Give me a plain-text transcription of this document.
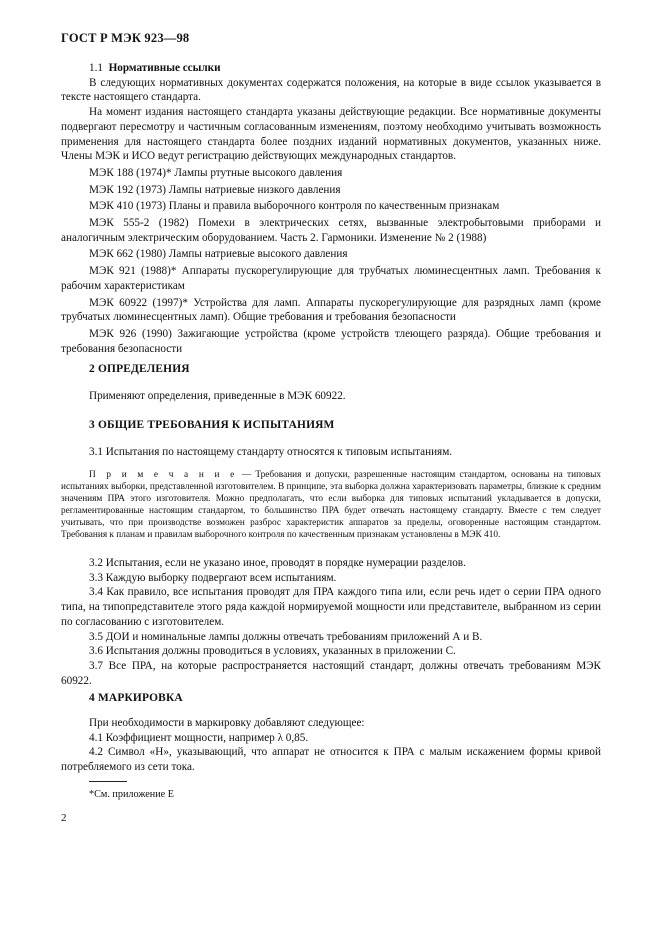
ГОСТ Р МЭК 923—98

1.1 Нормативные ссылки

В следующих нормативных документах содержатся положения, на которые в виде ссылок указывается в тексте настоящего стандарта.

На момент издания настоящего стандарта указаны действующие редакции. Все нормативные документы подвергают пересмотру и частичным согласованным изменениям, поэтому необходимо учитывать возможность применения для настоящего стандарта более поздних изданий нормативных документов, указанных ниже. Члены МЭК и ИСО ведут регистрацию действующих международных стандартов.

МЭК 188 (1974)* Лампы ртутные высокого давления

МЭК 192 (1973) Лампы натриевые низкого давления

МЭК 410 (1973) Планы и правила выборочного контроля по качественным признакам

МЭК 555-2 (1982) Помехи в электрических сетях, вызванные электробытовыми приборами и аналогичным электрическим оборудованием. Часть 2. Гармоники. Изменение № 2 (1988)

МЭК 662 (1980) Лампы натриевые высокого давления

МЭК 921 (1988)* Аппараты пускорегулирующие для трубчатых люминесцентных ламп. Требования к рабочим характеристикам

МЭК 60922 (1997)* Устройства для ламп. Аппараты пускорегулирующие для разрядных ламп (кроме трубчатых люминесцентных ламп). Общие требования и требования безопасности

МЭК 926 (1990) Зажигающие устройства (кроме устройств тлеющего разряда). Общие требования и требования безопасности

2 ОПРЕДЕЛЕНИЯ

Применяют определения, приведенные в МЭК 60922.

3 ОБЩИЕ ТРЕБОВАНИЯ К ИСПЫТАНИЯМ

3.1 Испытания по настоящему стандарту относятся к типовым испытаниям.

П р и м е ч а н и е — Требования и допуски, разрешенные настоящим стандартом, основаны на типовых испытаниях выборки, представленной изготовителем. В принципе, эта выборка должна характеризовать параметры, близкие к средним значениям ПРА этого изготовителя. Можно предполагать, что если выборка для типовых испытаний укладывается в допуски, регламентированные настоящим стандартом, то большинство ПРА будет отвечать настоящему стандарту. Вместе с тем следует учитывать, что при производстве возможен разброс характеристик аппаратов за пределы, оговоренные настоящим стандартом. Требования к планам и правилам выборочного контроля по качественным признакам установлены в МЭК 410.

3.2 Испытания, если не указано иное, проводят в порядке нумерации разделов.

3.3 Каждую выборку подвергают всем испытаниям.

3.4 Как правило, все испытания проводят для ПРА каждого типа или, если речь идет о серии ПРА одного типа, на типопредставителе этого ряда каждой нормируемой мощности или представителе, выбранном из серии по согласованию с изготовителем.

3.5 ДОИ и номинальные лампы должны отвечать требованиям приложений А и В.

3.6 Испытания должны проводиться в условиях, указанных в приложении С.

3.7 Все ПРА, на которые распространяется настоящий стандарт, должны отвечать требованиям МЭК 60922.

4 МАРКИРОВКА

При необходимости в маркировку добавляют следующее:

4.1 Коэффициент мощности, например λ 0,85.

4.2 Символ «Н», указывающий, что аппарат не относится к ПРА с малым искажением формы кривой потребляемого из сети тока.

*См. приложение Е
2
